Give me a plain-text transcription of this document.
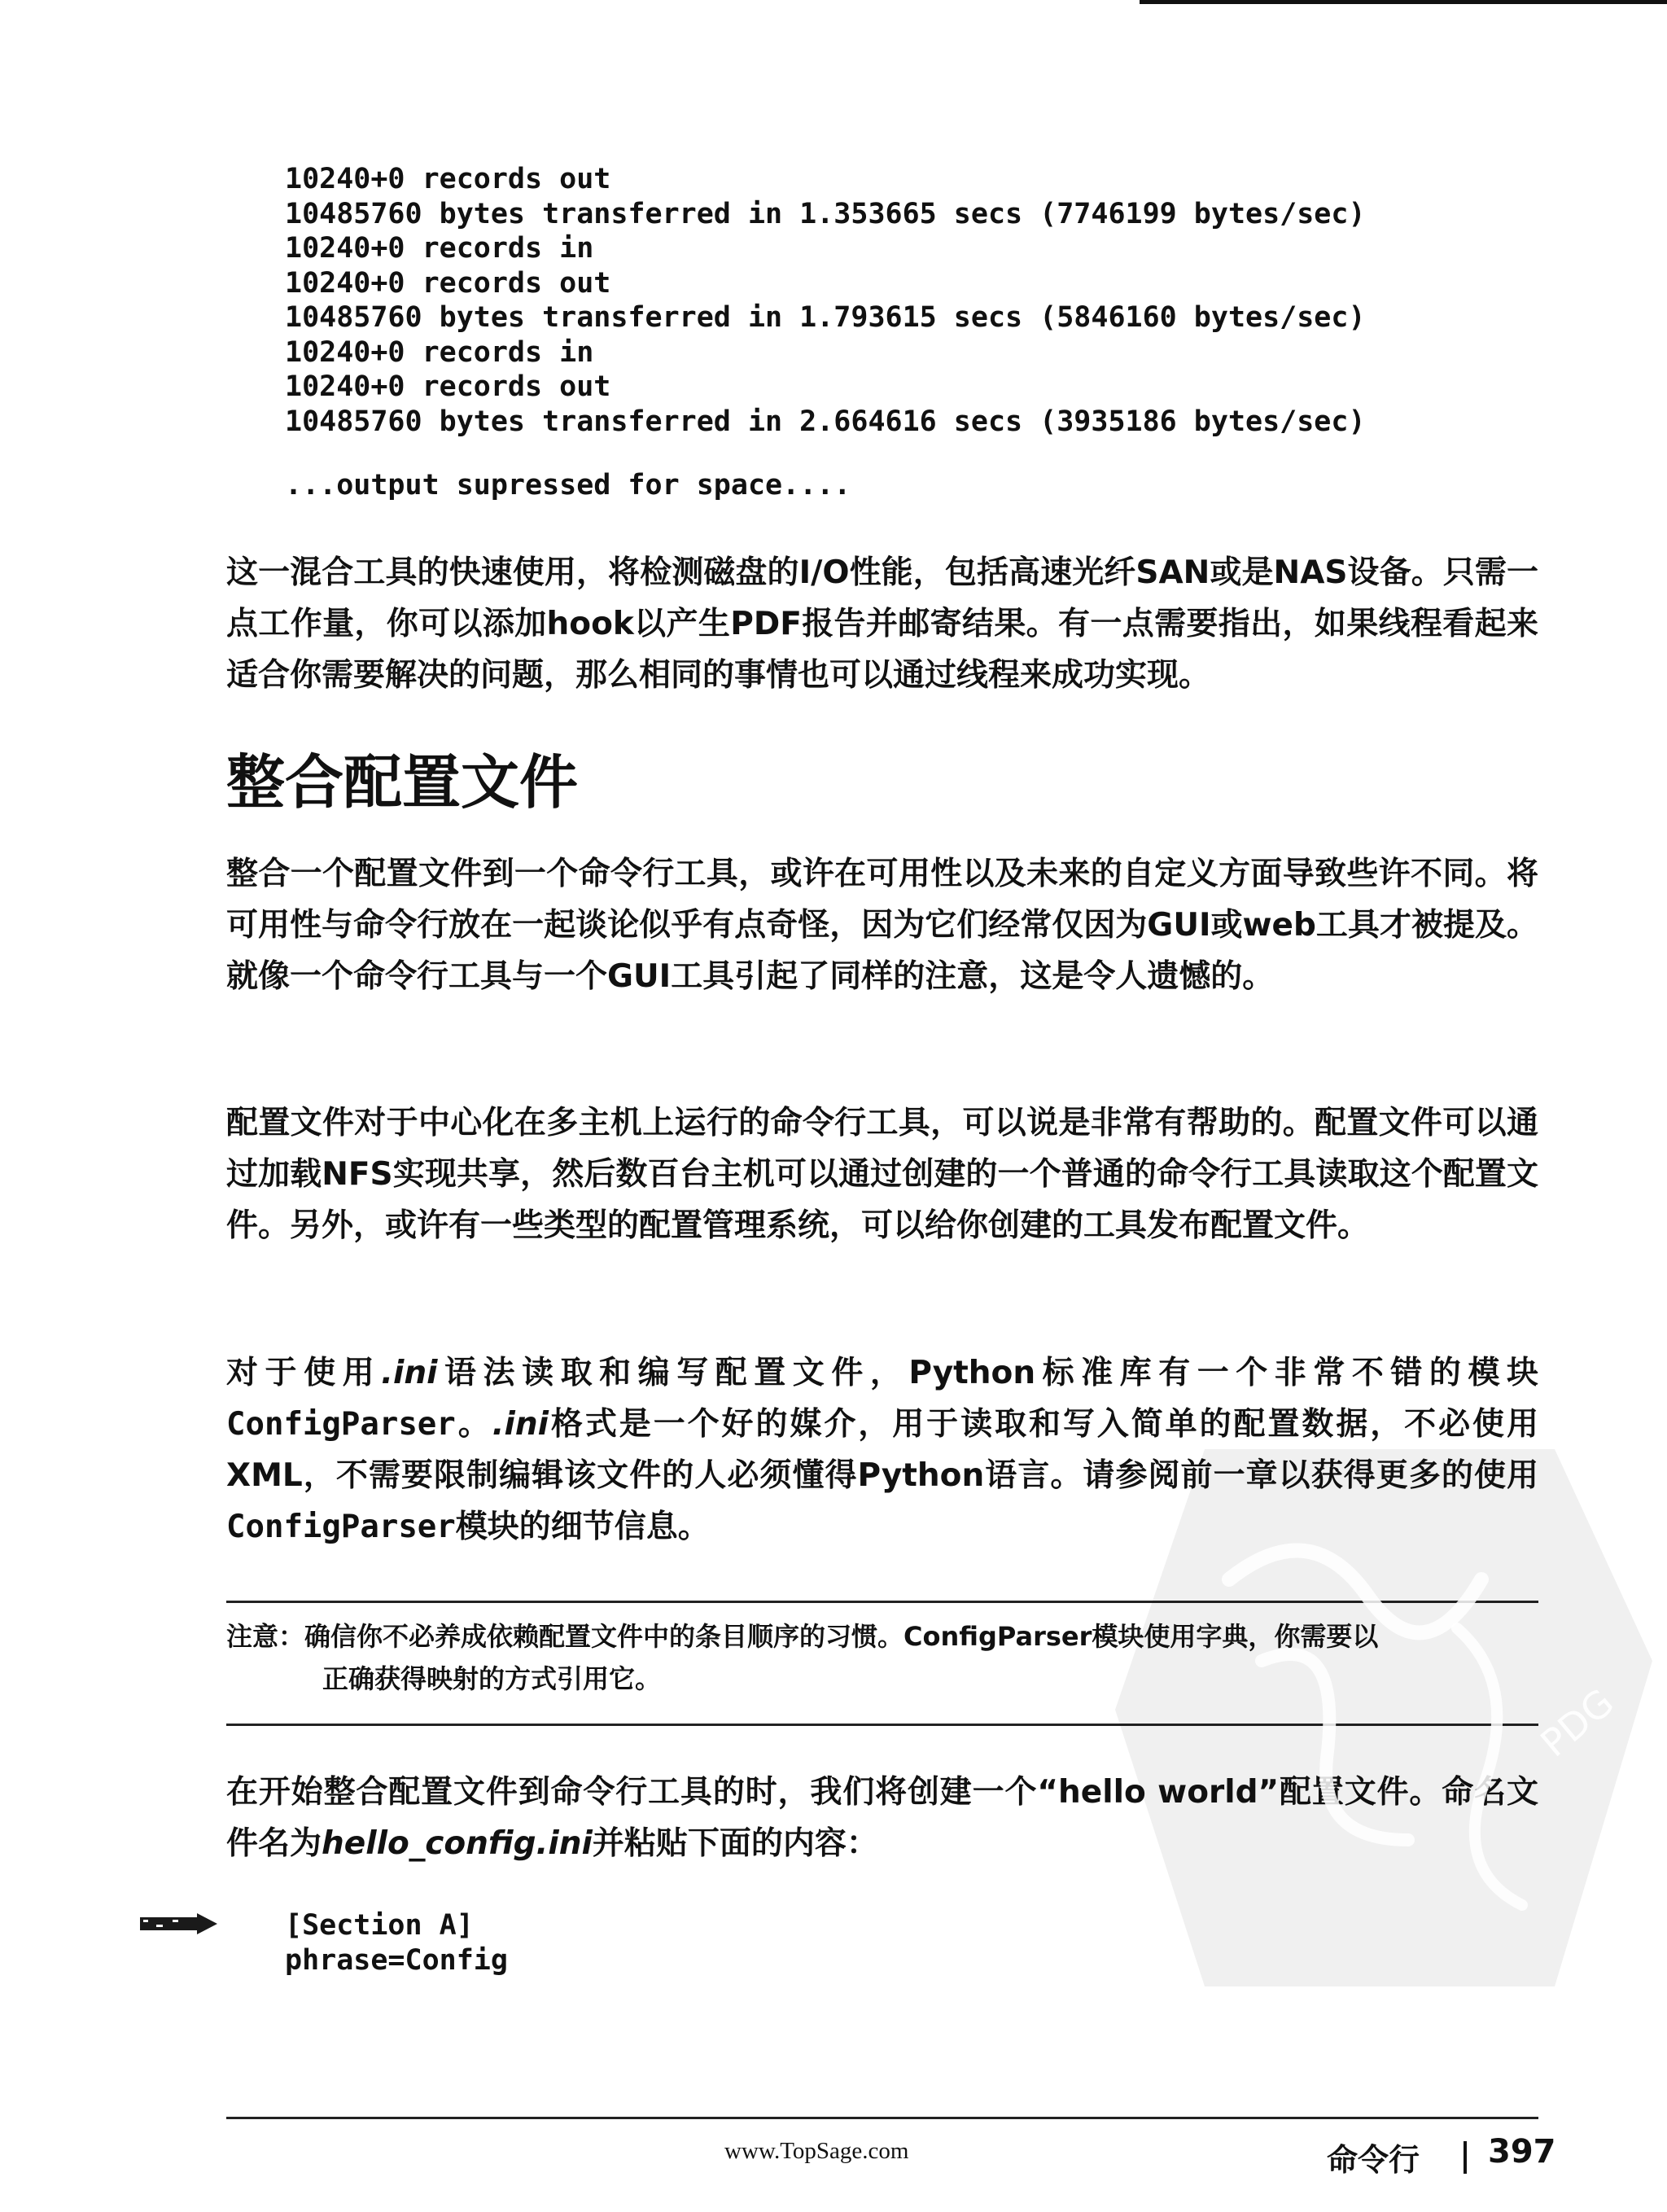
10240+0 records out
10485760 bytes transferred in 1.353665 secs (7746199 bytes/sec)
10240+0 records in
10240+0 records out
10485760 bytes transferred in 1.793615 secs (5846160 bytes/sec)
10240+0 records in
10240+0 records out
10485760 bytes transferred in 2.664616 secs (3935186 bytes/sec)
...output supressed for space....

这一混合工具的快速使用，将检测磁盘的I/O性能，包括高速光纤SAN或是NAS设备。只需一点工作量，你可以添加hook以产生PDF报告并邮寄结果。有一点需要指出，如果线程看起来适合你需要解决的问题，那么相同的事情也可以通过线程来成功实现。

整合配置文件

整合一个配置文件到一个命令行工具，或许在可用性以及未来的自定义方面导致些许不同。将可用性与命令行放在一起谈论似乎有点奇怪，因为它们经常仅因为GUI或web工具才被提及。就像一个命令行工具与一个GUI工具引起了同样的注意，这是令人遗憾的。

配置文件对于中心化在多主机上运行的命令行工具，可以说是非常有帮助的。配置文件可以通过加载NFS实现共享，然后数百台主机可以通过创建的一个普通的命令行工具读取这个配置文件。另外，或许有一些类型的配置管理系统，可以给你创建的工具发布配置文件。

对于使用.ini语法读取和编写配置文件，Python标准库有一个非常不错的模块ConfigParser。.ini格式是一个好的媒介，用于读取和写入简单的配置数据，不必使用XML，不需要限制编辑该文件的人必须懂得Python语言。请参阅前一章以获得更多的使用ConfigParser模块的细节信息。

注意：确信你不必养成依赖配置文件中的条目顺序的习惯。ConfigParser模块使用字典，你需要以
正确获得映射的方式引用它。

在开始整合配置文件到命令行工具的时，我们将创建一个“hello world”配置文件。命名文件名为hello_config.ini并粘贴下面的内容：

[Section A]
phrase=Config
PDG
www.TopSage.com	命令行 397
